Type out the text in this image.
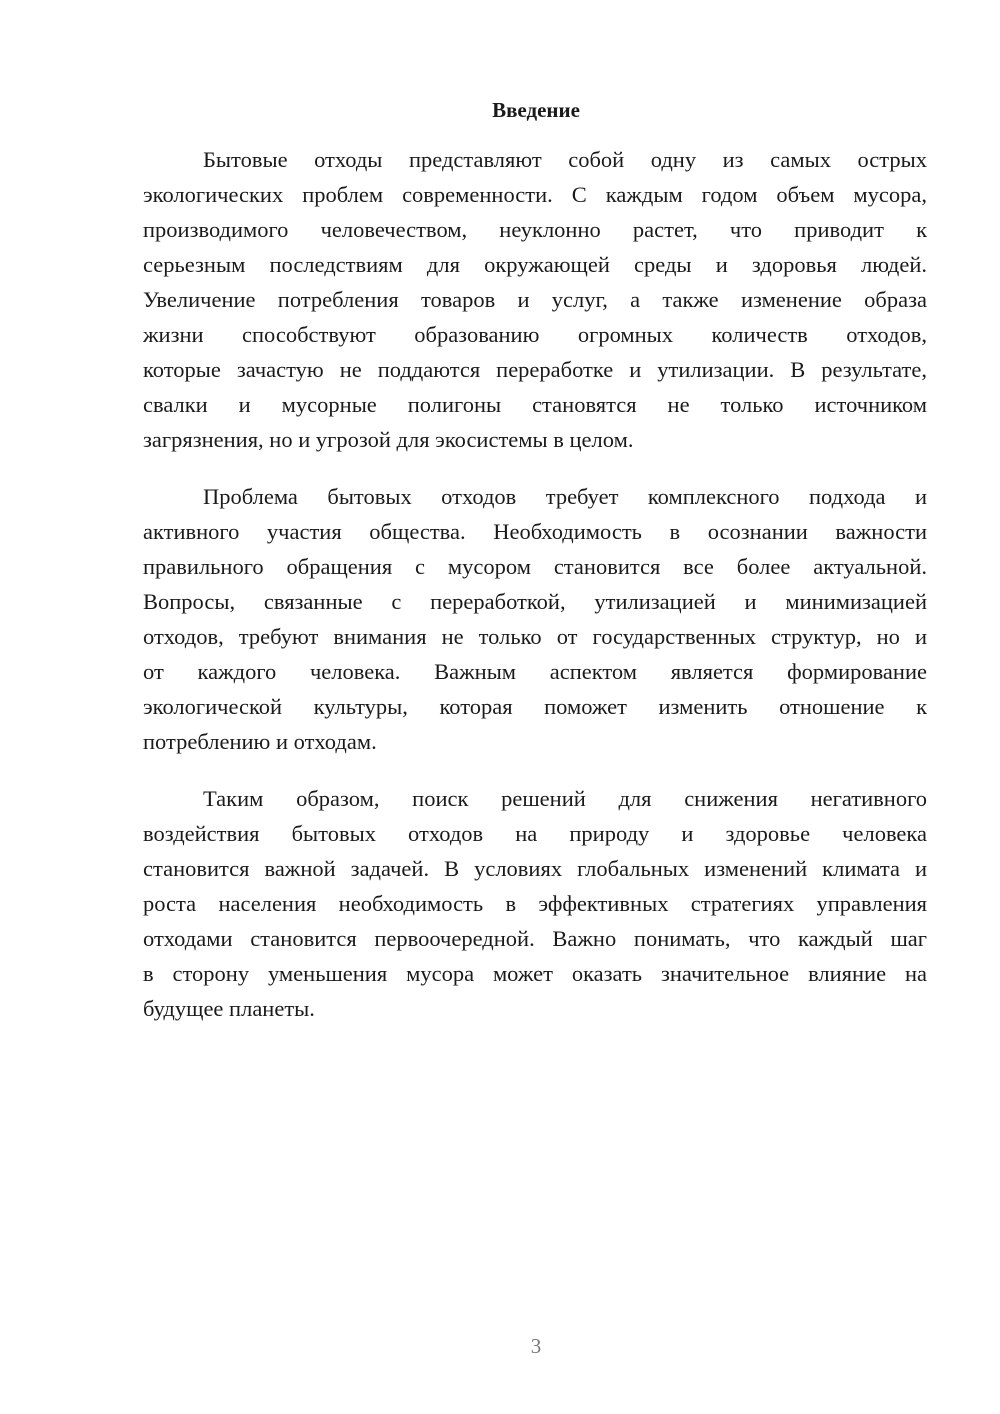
Введение
Бытовые отходы представляют собой одну из самых острых
экологических проблем современности. С каждым годом объем мусора,
производимого человечеством, неуклонно растет, что приводит к
серьезным последствиям для окружающей среды и здоровья людей.
Увеличение потребления товаров и услуг, а также изменение образа
жизни способствуют образованию огромных количеств отходов,
которые зачастую не поддаются переработке и утилизации. В результате,
свалки и мусорные полигоны становятся не только источником
загрязнения, но и угрозой для экосистемы в целом.
Проблема бытовых отходов требует комплексного подхода и
активного участия общества. Необходимость в осознании важности
правильного обращения с мусором становится все более актуальной.
Вопросы, связанные с переработкой, утилизацией и минимизацией
отходов, требуют внимания не только от государственных структур, но и
от каждого человека. Важным аспектом является формирование
экологической культуры, которая поможет изменить отношение к
потреблению и отходам.
Таким образом, поиск решений для снижения негативного
воздействия бытовых отходов на природу и здоровье человека
становится важной задачей. В условиях глобальных изменений климата и
роста населения необходимость в эффективных стратегиях управления
отходами становится первоочередной. Важно понимать, что каждый шаг
в сторону уменьшения мусора может оказать значительное влияние на
будущее планеты.
3
